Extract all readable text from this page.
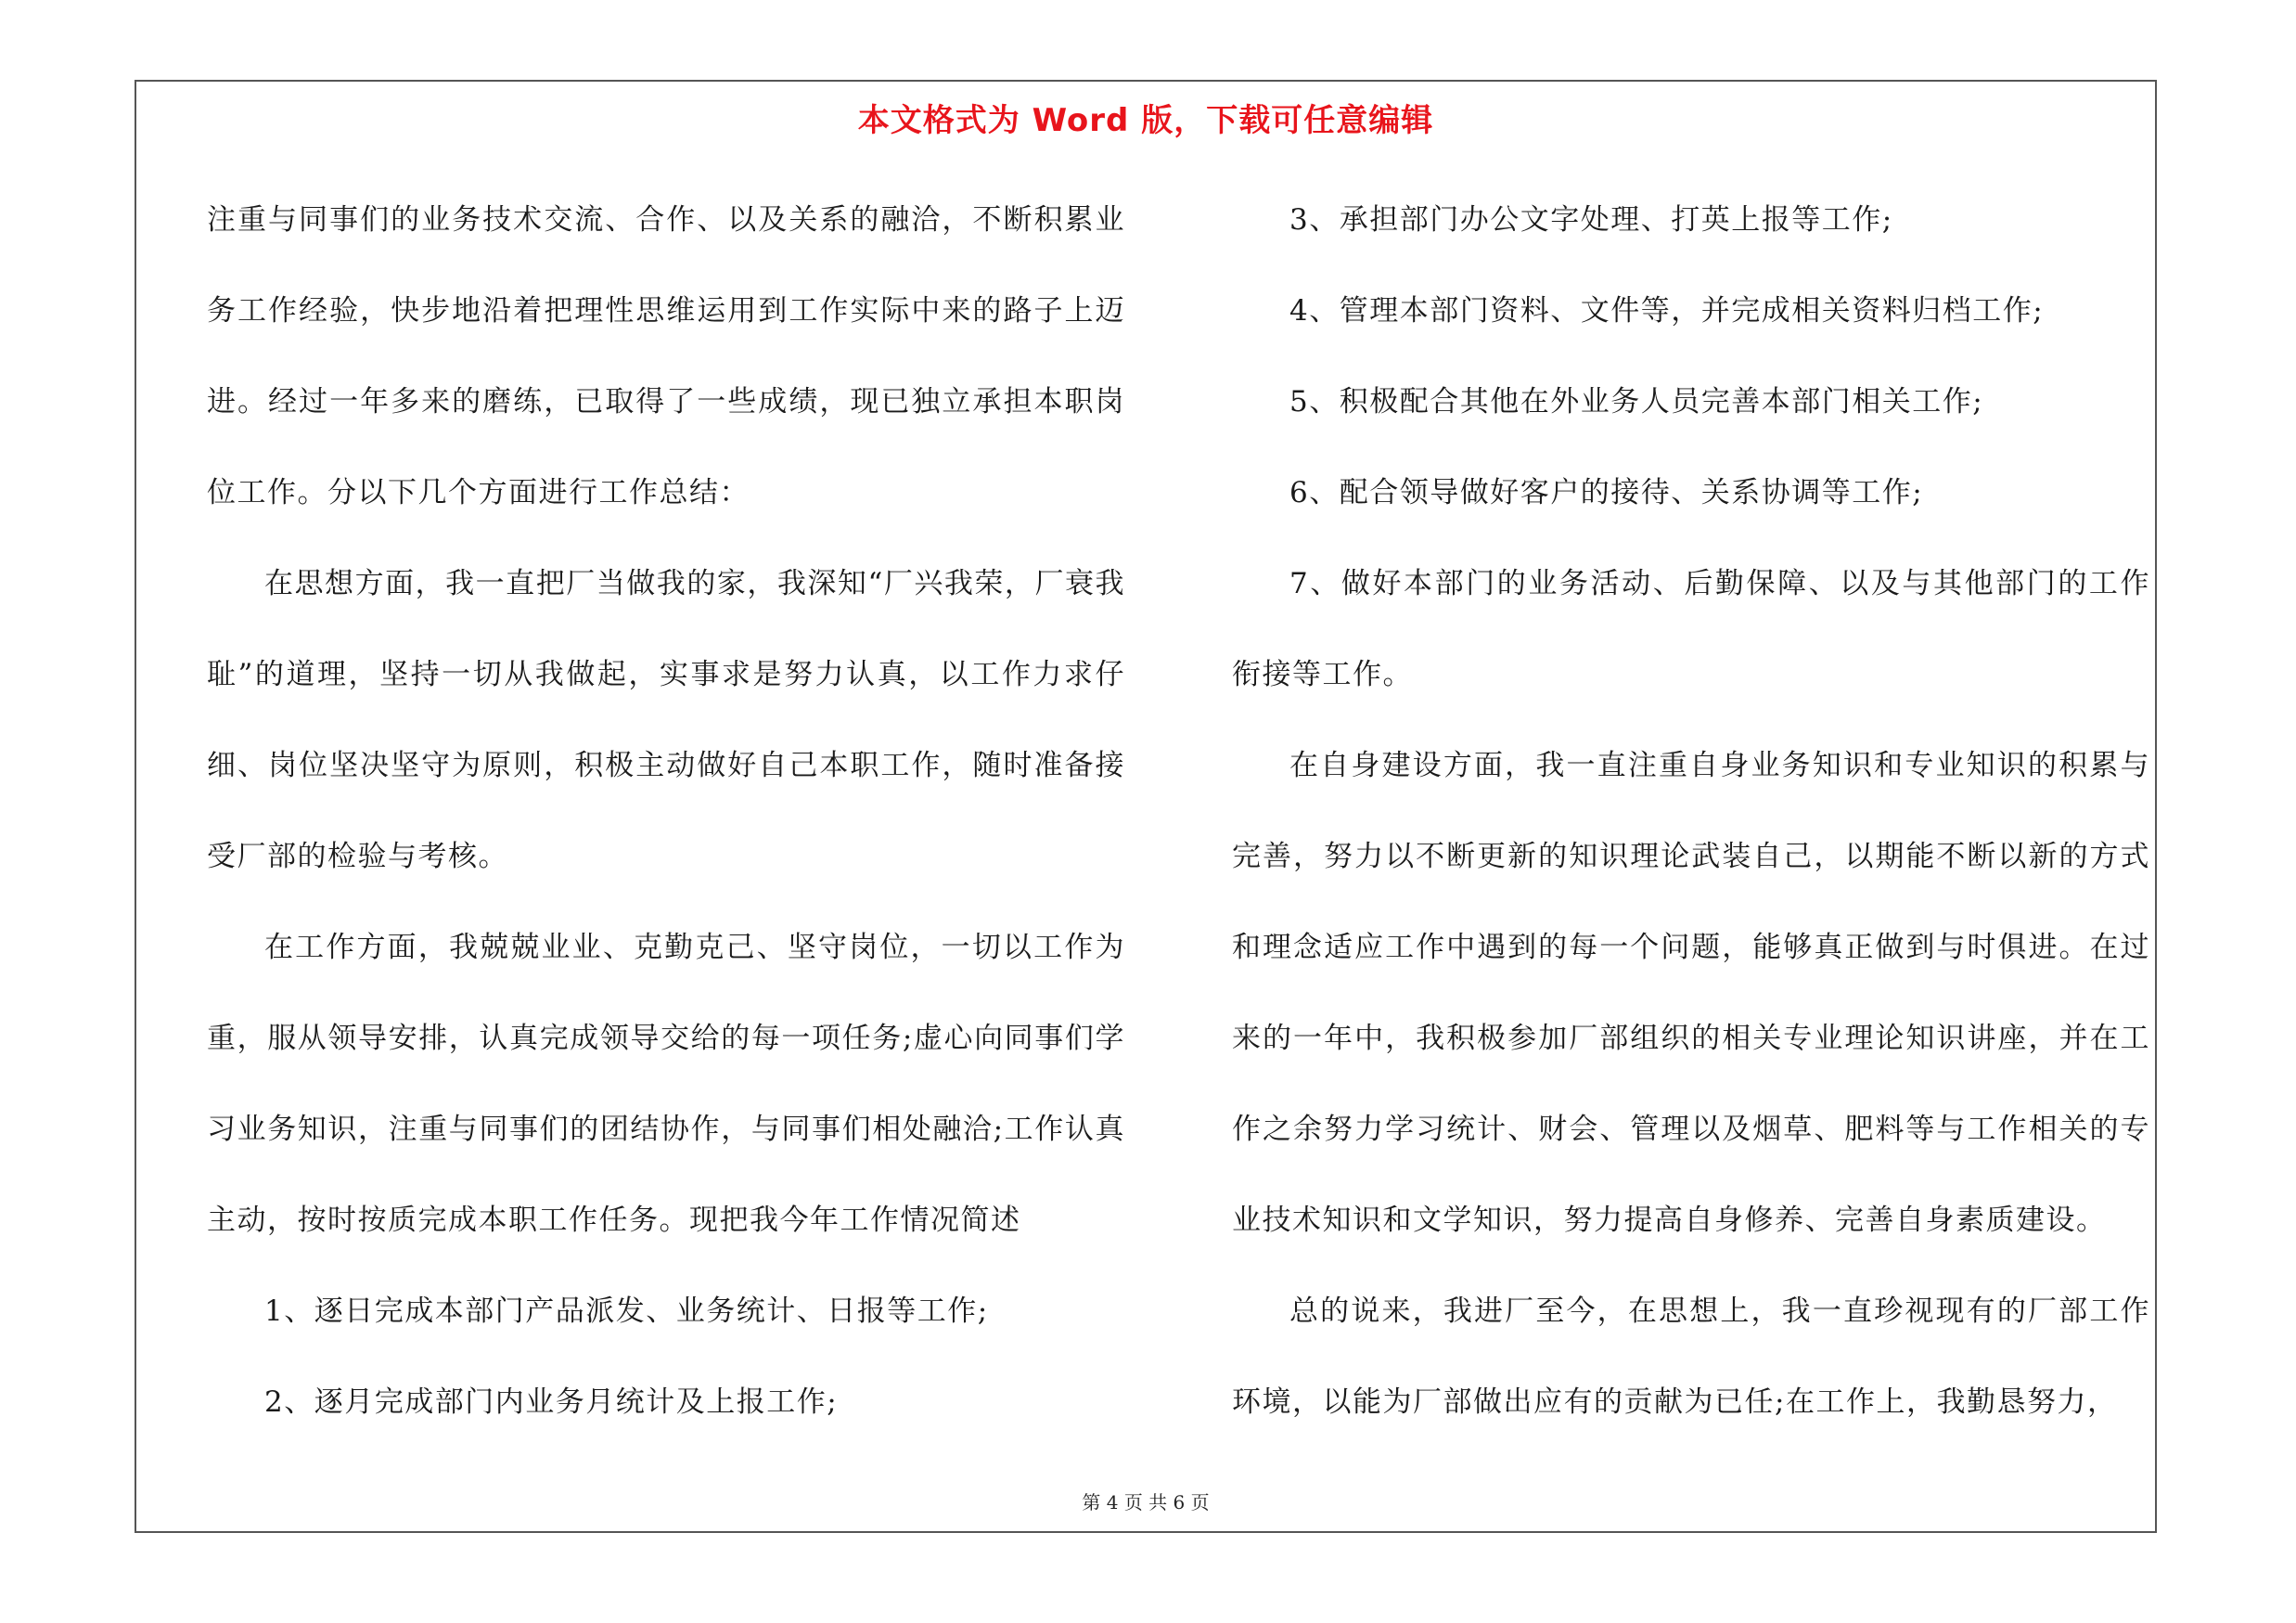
本文格式为 Word 版，下载可任意编辑

注重与同事们的业务技术交流、合作、以及关系的融洽，不断积累业务工作经验，快步地沿着把理性思维运用到工作实际中来的路子上迈进。经过一年多来的磨练，已取得了一些成绩，现已独立承担本职岗位工作。分以下几个方面进行工作总结：

在思想方面，我一直把厂当做我的家，我深知“厂兴我荣，厂衰我耻”的道理，坚持一切从我做起，实事求是努力认真，以工作力求仔细、岗位坚决坚守为原则，积极主动做好自己本职工作，随时准备接受厂部的检验与考核。

在工作方面，我兢兢业业、克勤克己、坚守岗位，一切以工作为重，服从领导安排，认真完成领导交给的每一项任务;虚心向同事们学习业务知识，注重与同事们的团结协作，与同事们相处融洽;工作认真主动，按时按质完成本职工作任务。现把我今年工作情况简述

1、逐日完成本部门产品派发、业务统计、日报等工作;

2、逐月完成部门内业务月统计及上报工作;

3、承担部门办公文字处理、打英上报等工作;

4、管理本部门资料、文件等，并完成相关资料归档工作;

5、积极配合其他在外业务人员完善本部门相关工作;

6、配合领导做好客户的接待、关系协调等工作;

7、做好本部门的业务活动、后勤保障、以及与其他部门的工作衔接等工作。

在自身建设方面，我一直注重自身业务知识和专业知识的积累与完善，努力以不断更新的知识理论武装自己，以期能不断以新的方式和理念适应工作中遇到的每一个问题，能够真正做到与时俱进。在过来的一年中，我积极参加厂部组织的相关专业理论知识讲座，并在工作之余努力学习统计、财会、管理以及烟草、肥料等与工作相关的专业技术知识和文学知识，努力提高自身修养、完善自身素质建设。

总的说来，我进厂至今，在思想上，我一直珍视现有的厂部工作环境，以能为厂部做出应有的贡献为已任;在工作上，我勤恳努力，

第 4 页 共 6 页
